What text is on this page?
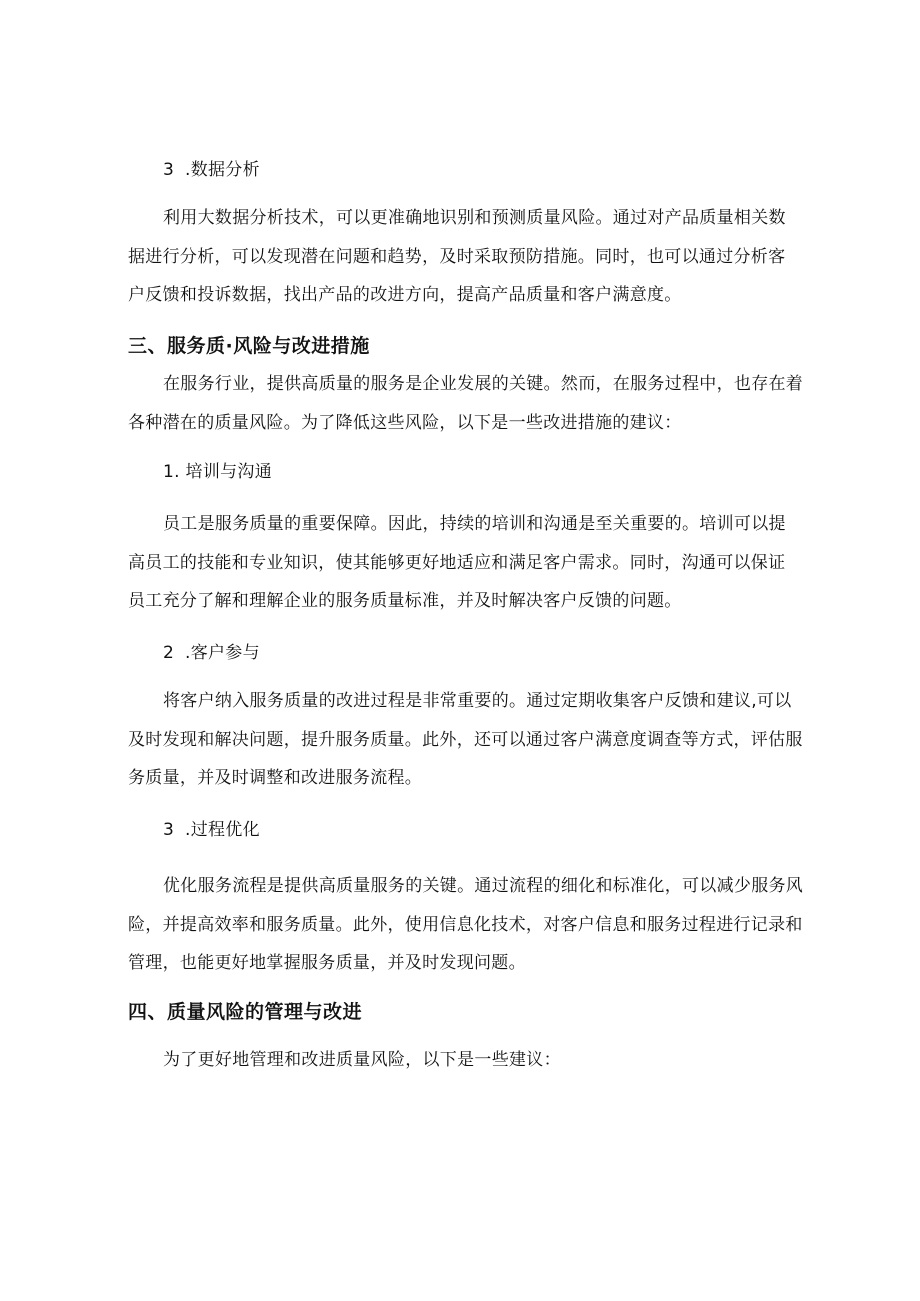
3 .数据分析
利用大数据分析技术，可以更准确地识别和预测质量风险。通过对产品质量相关数
据进行分析，可以发现潜在问题和趋势，及时采取预防措施。同时，也可以通过分析客
户反馈和投诉数据，找出产品的改进方向，提高产品质量和客户满意度。
三、服务质·风险与改进措施
在服务行业，提供高质量的服务是企业发展的关键。然而，在服务过程中，也存在着
各种潜在的质量风险。为了降低这些风险，以下是一些改进措施的建议：
1. 培训与沟通
员工是服务质量的重要保障。因此，持续的培训和沟通是至关重要的。培训可以提
高员工的技能和专业知识，使其能够更好地适应和满足客户需求。同时，沟通可以保证
员工充分了解和理解企业的服务质量标准，并及时解决客户反馈的问题。
2 .客户参与
将客户纳入服务质量的改进过程是非常重要的。通过定期收集客户反馈和建议,可以
及时发现和解决问题，提升服务质量。此外，还可以通过客户满意度调查等方式，评估服
务质量，并及时调整和改进服务流程。
3 .过程优化
优化服务流程是提供高质量服务的关键。通过流程的细化和标准化，可以减少服务风
险，并提高效率和服务质量。此外，使用信息化技术，对客户信息和服务过程进行记录和
管理，也能更好地掌握服务质量，并及时发现问题。
四、质量风险的管理与改进
为了更好地管理和改进质量风险，以下是一些建议：
